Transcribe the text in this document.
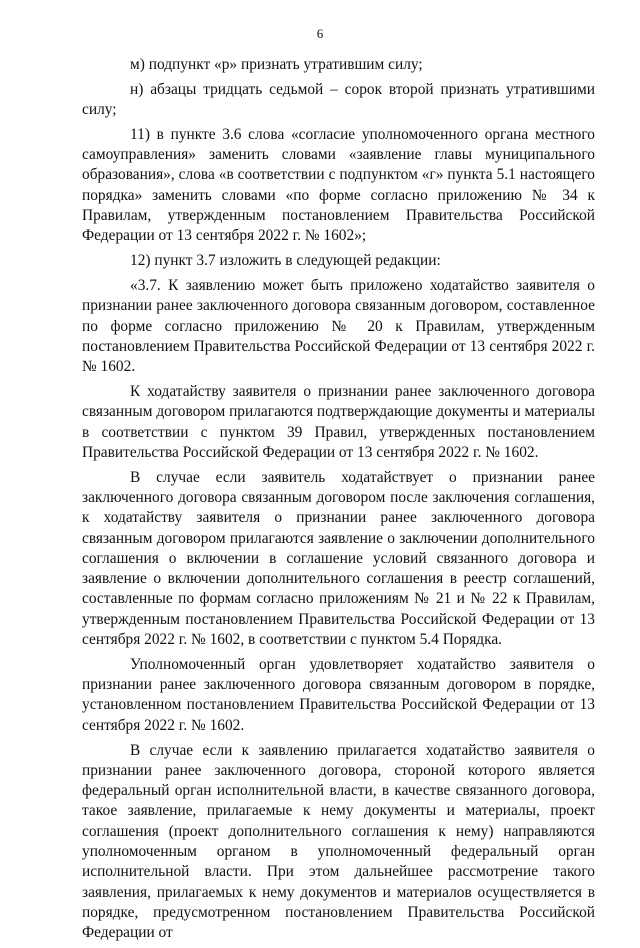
6

м) подпункт «р» признать утратившим силу;

н) абзацы тридцать седьмой – сорок второй признать утратившими силу;

11) в пункте 3.6 слова «согласие уполномоченного органа местного самоуправления» заменить словами «заявление главы муниципального образования», слова «в соответствии с подпунктом «г» пункта 5.1 настоящего порядка» заменить словами «по форме согласно приложению № 34 к Правилам, утвержденным постановлением Правительства Российской Федерации от 13 сентября 2022 г. № 1602»;

12) пункт 3.7 изложить в следующей редакции:

«3.7. К заявлению может быть приложено ходатайство заявителя о признании ранее заключенного договора связанным договором, составленное по форме согласно приложению № 20 к Правилам, утвержденным постановлением Правительства Российской Федерации от 13 сентября 2022 г. № 1602.

К ходатайству заявителя о признании ранее заключенного договора связанным договором прилагаются подтверждающие документы и материалы в соответствии с пунктом 39 Правил, утвержденных постановлением Правительства Российской Федерации от 13 сентября 2022 г. № 1602.

В случае если заявитель ходатайствует о признании ранее заключенного договора связанным договором после заключения соглашения, к ходатайству заявителя о признании ранее заключенного договора связанным договором прилагаются заявление о заключении дополнительного соглашения о включении в соглашение условий связанного договора и заявление о включении дополнительного соглашения в реестр соглашений, составленные по формам согласно приложениям № 21 и № 22 к Правилам, утвержденным постановлением Правительства Российской Федерации от 13 сентября 2022 г. № 1602, в соответствии с пунктом 5.4 Порядка.

Уполномоченный орган удовлетворяет ходатайство заявителя о признании ранее заключенного договора связанным договором в порядке, установленном постановлением Правительства Российской Федерации от 13 сентября 2022 г. № 1602.

В случае если к заявлению прилагается ходатайство заявителя о признании ранее заключенного договора, стороной которого является федеральный орган исполнительной власти, в качестве связанного договора, такое заявление, прилагаемые к нему документы и материалы, проект соглашения (проект дополнительного соглашения к нему) направляются уполномоченным органом в уполномоченный федеральный орган исполнительной власти. При этом дальнейшее рассмотрение такого заявления, прилагаемых к нему документов и материалов осуществляется в порядке, предусмотренном постановлением Правительства Российской Федерации от
